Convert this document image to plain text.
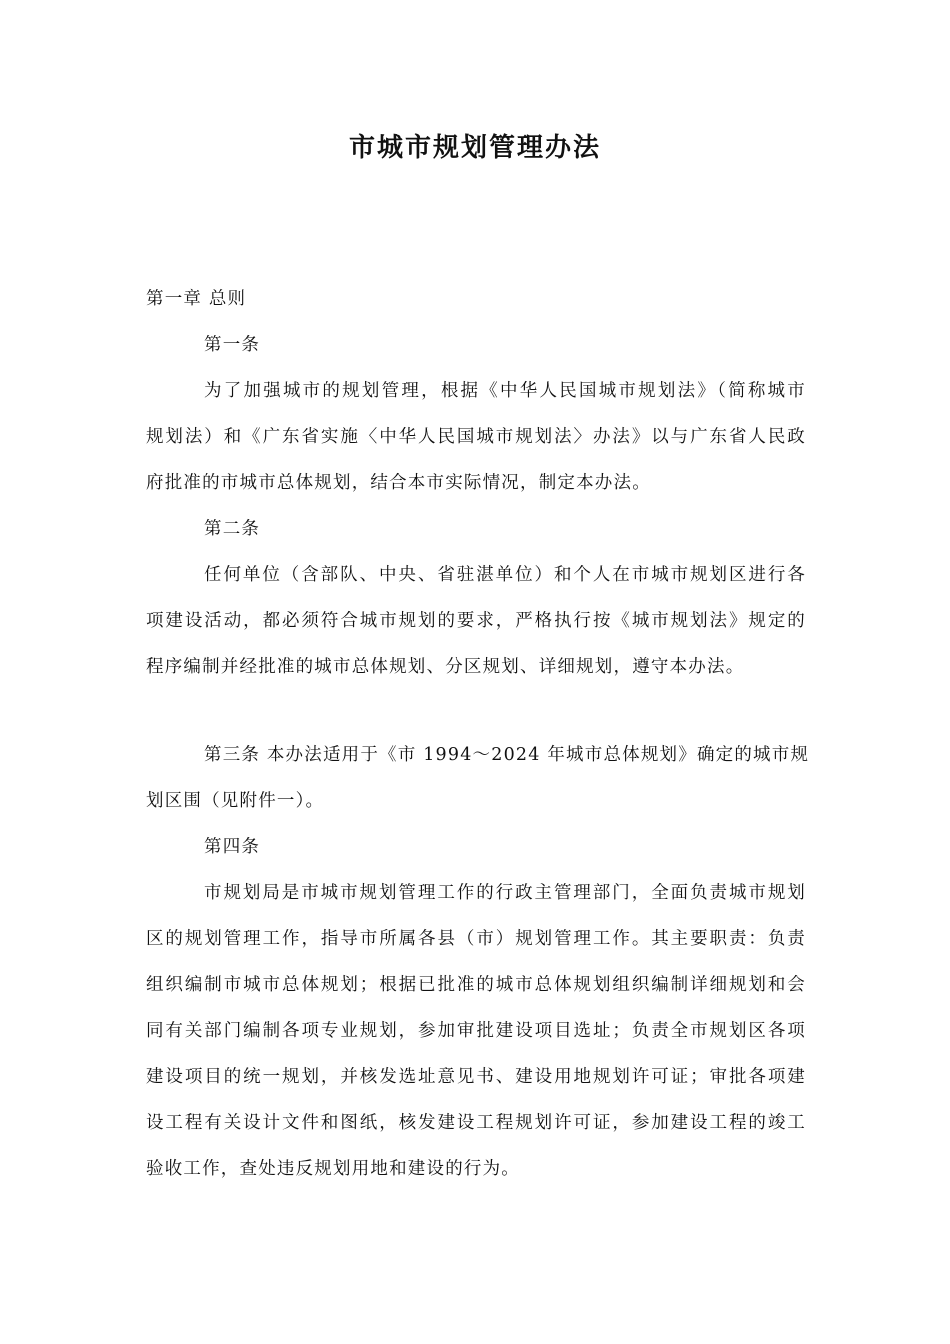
市城市规划管理办法

第一章 总则

第一条

为了加强城市的规划管理，根据《中华人民国城市规划法》（简称城市

规划法）和《广东省实施〈中华人民国城市规划法〉办法》以与广东省人民政

府批准的市城市总体规划，结合本市实际情况，制定本办法。

第二条

任何单位（含部队、中央、省驻湛单位）和个人在市城市规划区进行各

项建设活动，都必须符合城市规划的要求，严格执行按《城市规划法》规定的

程序编制并经批准的城市总体规划、分区规划、详细规划，遵守本办法。

第三条 本办法适用于《市 1994～2024 年城市总体规划》确定的城市规

划区围（见附件一）。

第四条

市规划局是市城市规划管理工作的行政主管理部门，全面负责城市规划

区的规划管理工作，指导市所属各县（市）规划管理工作。其主要职责：负责

组织编制市城市总体规划；根据已批准的城市总体规划组织编制详细规划和会

同有关部门编制各项专业规划，参加审批建设项目选址；负责全市规划区各项

建设项目的统一规划，并核发选址意见书、建设用地规划许可证；审批各项建

设工程有关设计文件和图纸，核发建设工程规划许可证，参加建设工程的竣工

验收工作，查处违反规划用地和建设的行为。
